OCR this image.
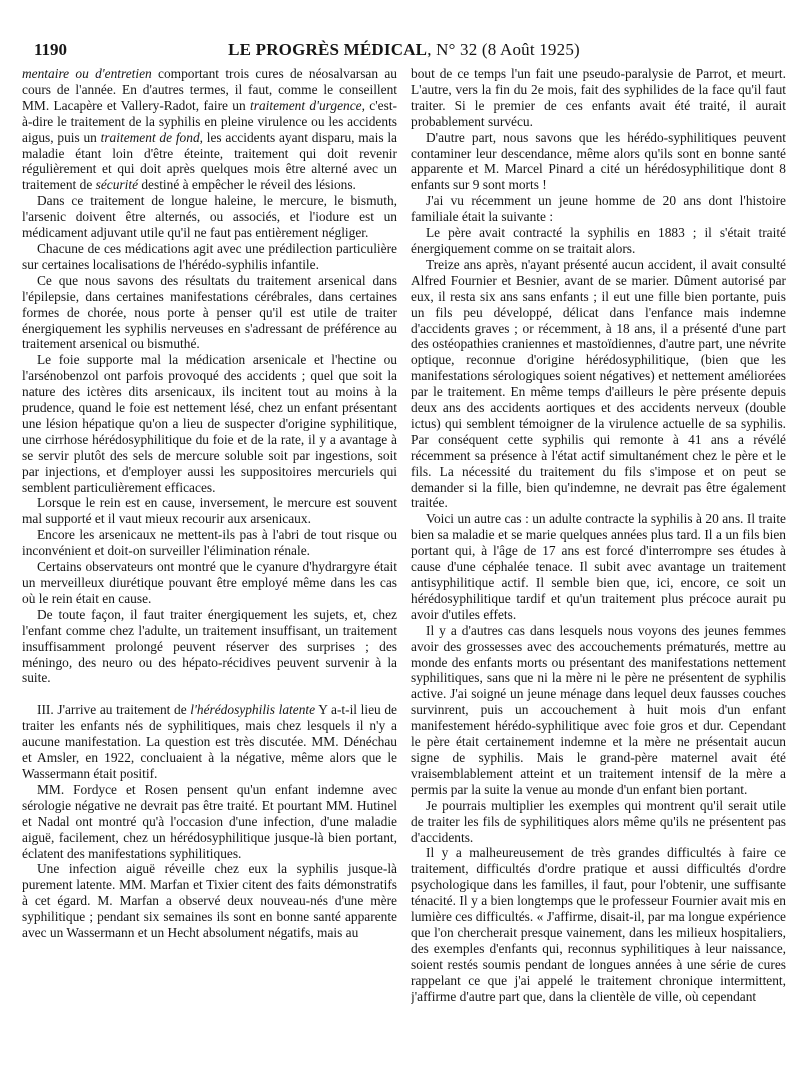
1190	LE PROGRÈS MÉDICAL, N° 32 (8 Août 1925)

mentaire ou d'entretien comportant trois cures de néosalvarsan au cours de l'année. En d'autres termes, il faut, comme le conseillent MM. Lacapère et Vallery-Radot, faire un traitement d'urgence, c'est-à-dire le traitement de la syphilis en pleine virulence ou les accidents aigus, puis un traitement de fond, les accidents ayant disparu, mais la maladie étant loin d'être éteinte, traitement qui doit revenir régulièrement et qui doit après quelques mois être alterné avec un traitement de sécurité destiné à empêcher le réveil des lésions.

Dans ce traitement de longue haleine, le mercure, le bismuth, l'arsenic doivent être alternés, ou associés, et l'iodure est un médicament adjuvant utile qu'il ne faut pas entièrement négliger.

Chacune de ces médications agit avec une prédilection particulière sur certaines localisations de l'hérédo-syphilis infantile.

Ce que nous savons des résultats du traitement arsenical dans l'épilepsie, dans certaines manifestations cérébrales, dans certaines formes de chorée, nous porte à penser qu'il est utile de traiter énergiquement les syphilis nerveuses en s'adressant de préférence au traitement arsenical ou bismuthé.

Le foie supporte mal la médication arsenicale et l'hectine ou l'arsénobenzol ont parfois provoqué des accidents ; quel que soit la nature des ictères dits arsenicaux, ils incitent tout au moins à la prudence, quand le foie est nettement lésé, chez un enfant présentant une lésion hépatique qu'on a lieu de suspecter d'origine syphilitique, une cirrhose hérédosyphilitique du foie et de la rate, il y a avantage à se servir plutôt des sels de mercure soluble soit par ingestions, soit par injections, et d'employer aussi les suppositoires mercuriels qui semblent particulièrement efficaces.

Lorsque le rein est en cause, inversement, le mercure est souvent mal supporté et il vaut mieux recourir aux arsenicaux.

Encore les arsenicaux ne mettent-ils pas à l'abri de tout risque ou inconvénient et doit-on surveiller l'élimination rénale.

Certains observateurs ont montré que le cyanure d'hydrargyre était un merveilleux diurétique pouvant être employé même dans les cas où le rein était en cause.

De toute façon, il faut traiter énergiquement les sujets, et, chez l'enfant comme chez l'adulte, un traitement insuffisant, un traitement insuffisamment prolongé peuvent réserver des surprises ; des méningo, des neuro ou des hépato-récidives peuvent survenir à la suite.

III. J'arrive au traitement de l'hérédosyphilis latente Y a-t-il lieu de traiter les enfants nés de syphilitiques, mais chez lesquels il n'y a aucune manifestation. La question est très discutée. MM. Dénéchau et Amsler, en 1922, concluaient à la négative, même alors que le Wassermann était positif.

MM. Fordyce et Rosen pensent qu'un enfant indemne avec sérologie négative ne devrait pas être traité. Et pourtant MM. Hutinel et Nadal ont montré qu'à l'occasion d'une infection, d'une maladie aiguë, facilement, chez un hérédosyphilitique jusque-là bien portant, éclatent des manifestations syphilitiques.

Une infection aiguë réveille chez eux la syphilis jusque-là purement latente. MM. Marfan et Tixier citent des faits démonstratifs à cet égard. M. Marfan a observé deux nouveau-nés d'une mère syphilitique ; pendant six semaines ils sont en bonne santé apparente avec un Wassermann et un Hecht absolument négatifs, mais au

bout de ce temps l'un fait une pseudo-paralysie de Parrot, et meurt. L'autre, vers la fin du 2e mois, fait des syphilides de la face qu'il faut traiter. Si le premier de ces enfants avait été traité, il aurait probablement survécu.

D'autre part, nous savons que les hérédo-syphilitiques peuvent contaminer leur descendance, même alors qu'ils sont en bonne santé apparente et M. Marcel Pinard a cité un hérédosyphilitique dont 8 enfants sur 9 sont morts !

J'ai vu récemment un jeune homme de 20 ans dont l'histoire familiale était la suivante :

Le père avait contracté la syphilis en 1883 ; il s'était traité énergiquement comme on se traitait alors.

Treize ans après, n'ayant présenté aucun accident, il avait consulté Alfred Fournier et Besnier, avant de se marier. Dûment autorisé par eux, il resta six ans sans enfants ; il eut une fille bien portante, puis un fils peu développé, délicat dans l'enfance mais indemne d'accidents graves ; or récemment, à 18 ans, il a présenté d'une part des ostéopathies craniennes et mastoïdiennes, d'autre part, une névrite optique, reconnue d'origine hérédosyphilitique, (bien que les manifestations sérologiques soient négatives) et nettement améliorées par le traitement. En même temps d'ailleurs le père présente depuis deux ans des accidents aortiques et des accidents nerveux (double ictus) qui semblent témoigner de la virulence actuelle de sa syphilis. Par conséquent cette syphilis qui remonte à 41 ans a révélé récemment sa présence à l'état actif simultanément chez le père et le fils. La nécessité du traitement du fils s'impose et on peut se demander si la fille, bien qu'indemne, ne devrait pas être également traitée.

Voici un autre cas : un adulte contracte la syphilis à 20 ans. Il traite bien sa maladie et se marie quelques années plus tard. Il a un fils bien portant qui, à l'âge de 17 ans est forcé d'interrompre ses études à cause d'une céphalée tenace. Il subit avec avantage un traitement antisyphilitique actif. Il semble bien que, ici, encore, ce soit un hérédosyphilitique tardif et qu'un traitement plus précoce aurait pu avoir d'utiles effets.

Il y a d'autres cas dans lesquels nous voyons des jeunes femmes avoir des grossesses avec des accouchements prématurés, mettre au monde des enfants morts ou présentant des manifestations nettement syphilitiques, sans que ni la mère ni le père ne présentent de syphilis active. J'ai soigné un jeune ménage dans lequel deux fausses couches survinrent, puis un accouchement à huit mois d'un enfant manifestement hérédo-syphilitique avec foie gros et dur. Cependant le père était certainement indemne et la mère ne présentait aucun signe de syphilis. Mais le grand-père maternel avait été vraisemblablement atteint et un traitement intensif de la mère a permis par la suite la venue au monde d'un enfant bien portant.

Je pourrais multiplier les exemples qui montrent qu'il serait utile de traiter les fils de syphilitiques alors même qu'ils ne présentent pas d'accidents.

Il y a malheureusement de très grandes difficultés à faire ce traitement, difficultés d'ordre pratique et aussi difficultés d'ordre psychologique dans les familles, il faut, pour l'obtenir, une suffisante ténacité. Il y a bien longtemps que le professeur Fournier avait mis en lumière ces difficultés. « J'affirme, disait-il, par ma longue expérience que l'on chercherait presque vainement, dans les milieux hospitaliers, des exemples d'enfants qui, reconnus syphilitiques à leur naissance, soient restés soumis pendant de longues années à une série de cures rappelant ce que j'ai appelé le traitement chronique intermittent, j'affirme d'autre part que, dans la clientèle de ville, où cependant
